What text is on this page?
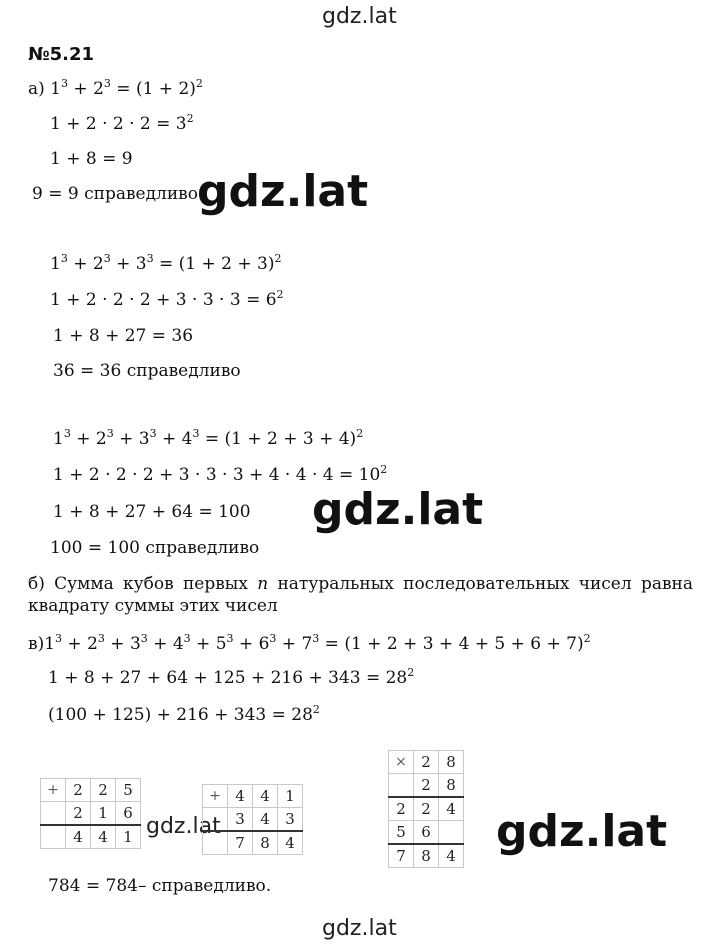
gdz.lat
№5.21
а) $1^3 + 2^3 = (1 + 2)^2$
$1 + 2 \cdot 2 \cdot 2 = 3^2$
1 + 8 = 9
9 = 9 справедливо gdz.lat
$1^3 + 2^3 + 3^3 = (1 + 2 + 3)^2$
$1 + 2 \cdot 2 \cdot 2 + 3 \cdot 3 \cdot 3 = 6^2$
1 + 8 + 27 = 36
36 = 36 справедливо
$1^3 + 2^3 + 3^3 + 4^3 = (1 + 2 + 3 + 4)^2$
$1 + 2 \cdot 2 \cdot 2 + 3 \cdot 3 \cdot 3 + 4 \cdot 4 \cdot 4 = 10^2$
1 + 8 + 27 + 64 = 100 gdz.lat
100 = 100 справедливо
б) Сумма кубов первых n натуральных последовательных чисел равна квадрату суммы этих чисел
$в)1^3 + 2^3 + 3^3 + 4^3 + 5^3 + 6^3 + 7^3 = (1 + 2 + 3 + 4 + 5 + 6 + 7)^2$
$1 + 8 + 27 + 64 + 125 + 216 + 343 = 28^2$
$(100 + 125) + 216 + 343 = 28^2$
+	2	2	5
	2	1	6
	4	4	1 gdz.lat
+	4	4	1
	3	4	3
	7	8	4
×	2	8
	2	8
2	2	4
5	6	
7	8	4 gdz.lat
784 = 784– справедливо.
gdz.lat
